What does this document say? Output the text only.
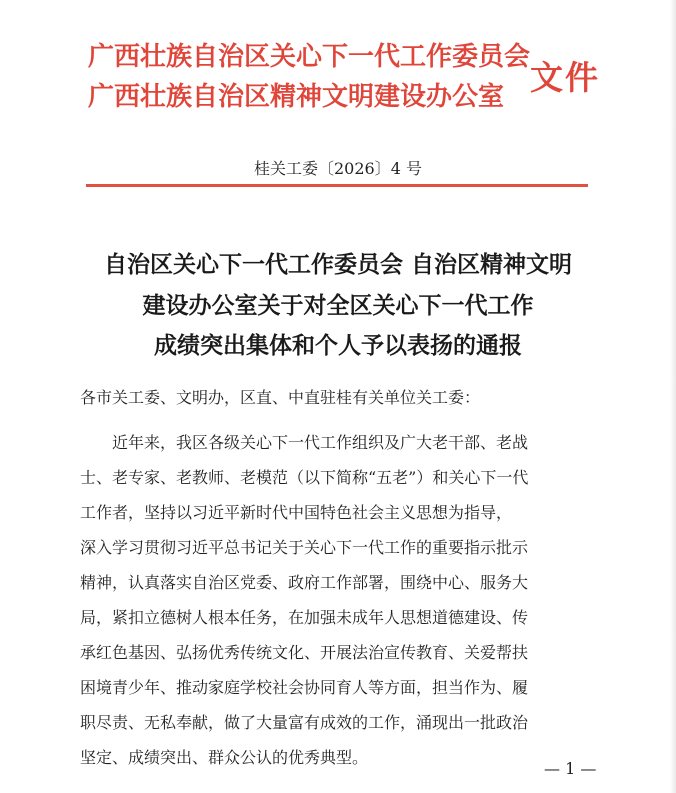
广西壮族自治区关心下一代工作委员会
广西壮族自治区精神文明建设办公室 文件
桂关工委〔2026〕4 号
自治区关心下一代工作委员会 自治区精神文明
建设办公室关于对全区关心下一代工作
成绩突出集体和个人予以表扬的通报
各市关工委、文明办，区直、中直驻桂有关单位关工委：
　　近年来，我区各级关心下一代工作组织及广大老干部、老战
士、老专家、老教师、老模范（以下简称“五老”）和关心下一代
工作者，坚持以习近平新时代中国特色社会主义思想为指导，
深入学习贯彻习近平总书记关于关心下一代工作的重要指示批示
精神，认真落实自治区党委、政府工作部署，围绕中心、服务大
局，紧扣立德树人根本任务，在加强未成年人思想道德建设、传
承红色基因、弘扬优秀传统文化、开展法治宣传教育、关爱帮扶
困境青少年、推动家庭学校社会协同育人等方面，担当作为、履
职尽责、无私奉献，做了大量富有成效的工作，涌现出一批政治
坚定、成绩突出、群众公认的优秀典型。
— 1 —
